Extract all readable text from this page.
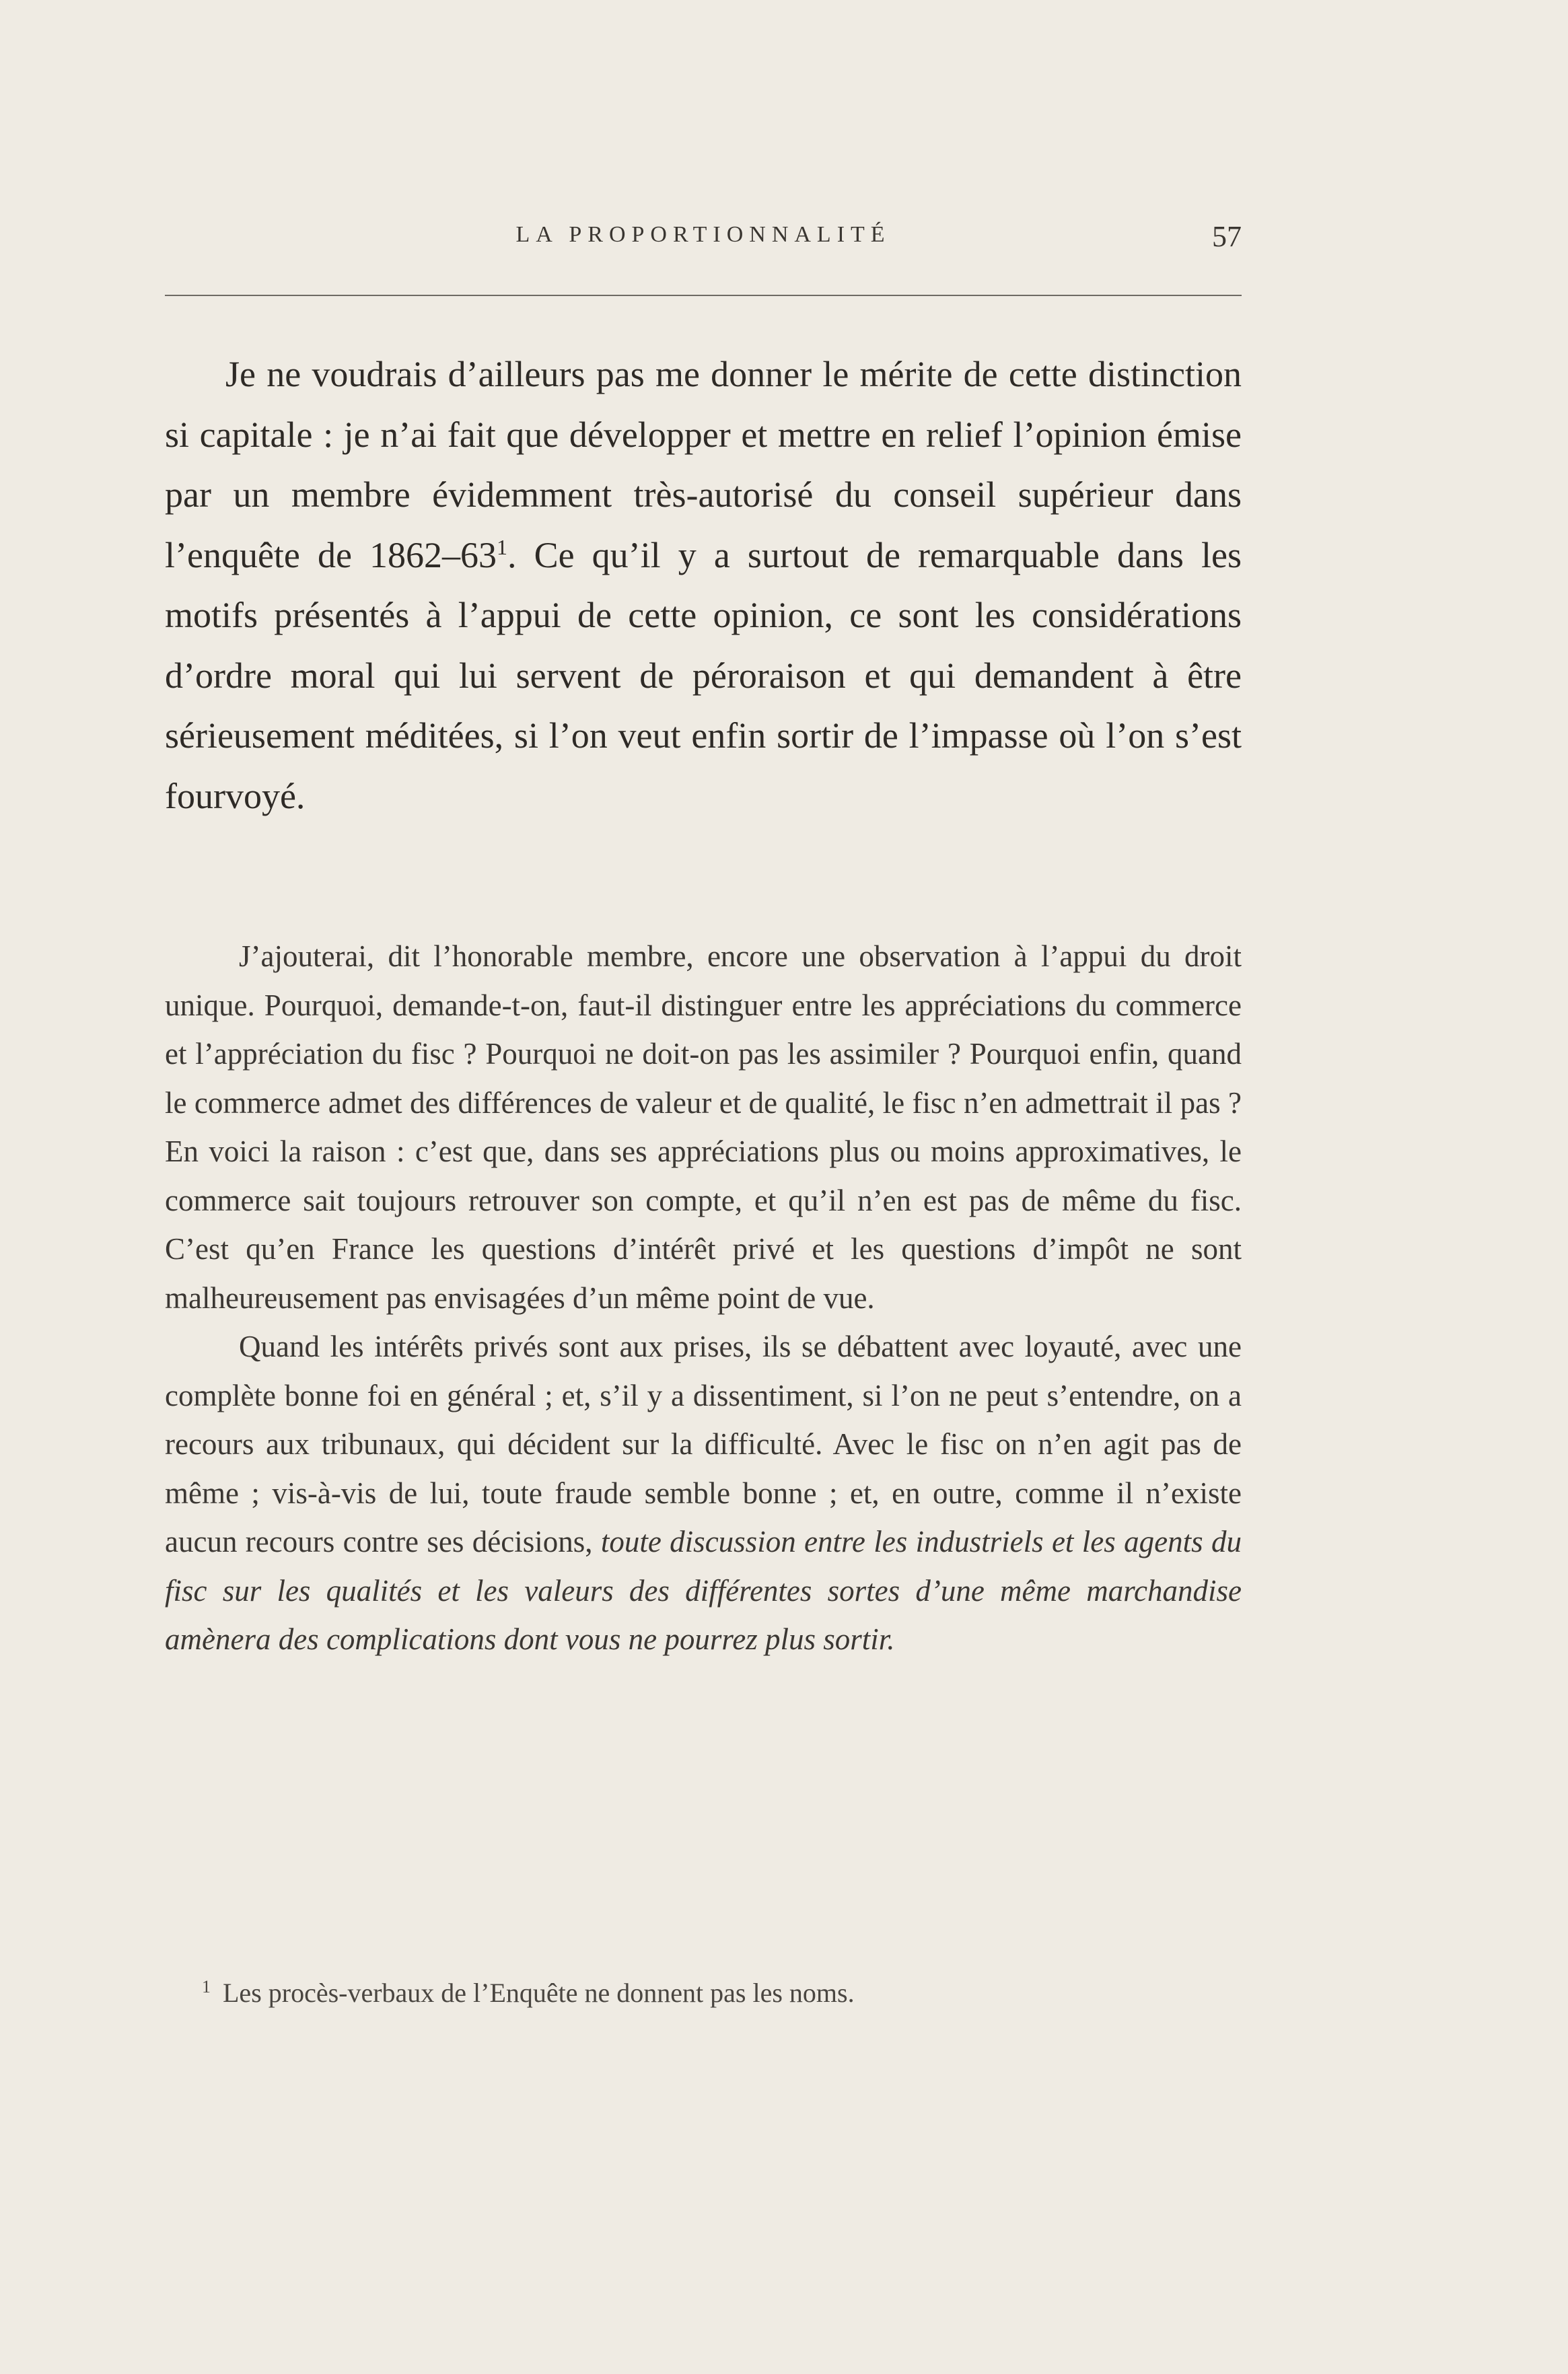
LA PROPORTIONNALITÉ	57

Je ne voudrais d’ailleurs pas me donner le mérite de cette distinction si capitale : je n’ai fait que développer et mettre en relief l’opinion émise par un membre évidemment très-autorisé du conseil supérieur dans l’enquête de $1862-63^1$. Ce qu’il y a surtout de remarquable dans les motifs présentés à l’appui de cette opinion, ce sont les considérations d’ordre moral qui lui servent de péroraison et qui demandent à être sérieusement méditées, si l’on veut enfin sortir de l’impasse où l’on s’est fourvoyé.

J’ajouterai, dit l’honorable membre, encore une observation à l’appui du droit unique. Pourquoi, demande-t-on, faut-il distinguer entre les appréciations du commerce et l’appréciation du fisc ? Pourquoi ne doit-on pas les assimiler ? Pourquoi enfin, quand le commerce admet des différences de valeur et de qualité, le fisc n’en admettrait il pas ? En voici la raison : c’est que, dans ses appréciations plus ou moins approximatives, le commerce sait toujours retrouver son compte, et qu’il n’en est pas de même du fisc. C’est qu’en France les questions d’intérêt privé et les questions d’impôt ne sont malheureusement pas envisagées d’un même point de vue.

Quand les intérêts privés sont aux prises, ils se débattent avec loyauté, avec une complète bonne foi en général ; et, s’il y a dissentiment, si l’on ne peut s’entendre, on a recours aux tribunaux, qui décident sur la difficulté. Avec le fisc on n’en agit pas de même ; vis-à-vis de lui, toute fraude semble bonne ; et, en outre, comme il n’existe aucun recours contre ses décisions, toute discussion entre les industriels et les agents du fisc sur les qualités et les valeurs des différentes sortes d’une même marchandise amènera des complications dont vous ne pourrez plus sortir.

$^1$ Les procès-verbaux de l’Enquête ne donnent pas les noms.
